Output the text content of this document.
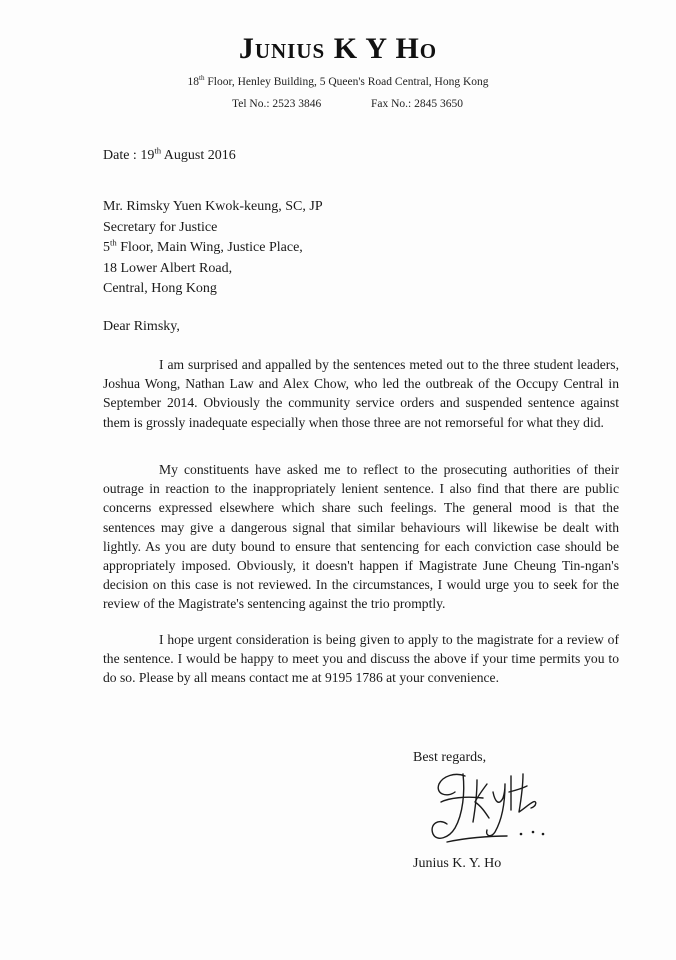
Junius K Y Ho
18th Floor, Henley Building, 5 Queen's Road Central, Hong Kong
Tel No.: 2523 3846	Fax No.: 2845 3650
Date : 19th August 2016
Mr. Rimsky Yuen Kwok-keung, SC, JP
Secretary for Justice
5th Floor, Main Wing, Justice Place,
18 Lower Albert Road,
Central, Hong Kong
Dear Rimsky,
I am surprised and appalled by the sentences meted out to the three student leaders, Joshua Wong, Nathan Law and Alex Chow, who led the outbreak of the Occupy Central in September 2014. Obviously the community service orders and suspended sentence against them is grossly inadequate especially when those three are not remorseful for what they did.
My constituents have asked me to reflect to the prosecuting authorities of their outrage in reaction to the inappropriately lenient sentence. I also find that there are public concerns expressed elsewhere which share such feelings. The general mood is that the sentences may give a dangerous signal that similar behaviours will likewise be dealt with lightly. As you are duty bound to ensure that sentencing for each conviction case should be appropriately imposed. Obviously, it doesn't happen if Magistrate June Cheung Tin-ngan's decision on this case is not reviewed. In the circumstances, I would urge you to seek for the review of the Magistrate's sentencing against the trio promptly.
I hope urgent consideration is being given to apply to the magistrate for a review of the sentence. I would be happy to meet you and discuss the above if your time permits you to do so. Please by all means contact me at 9195 1786 at your convenience.
Best regards,
Junius K. Y. Ho
